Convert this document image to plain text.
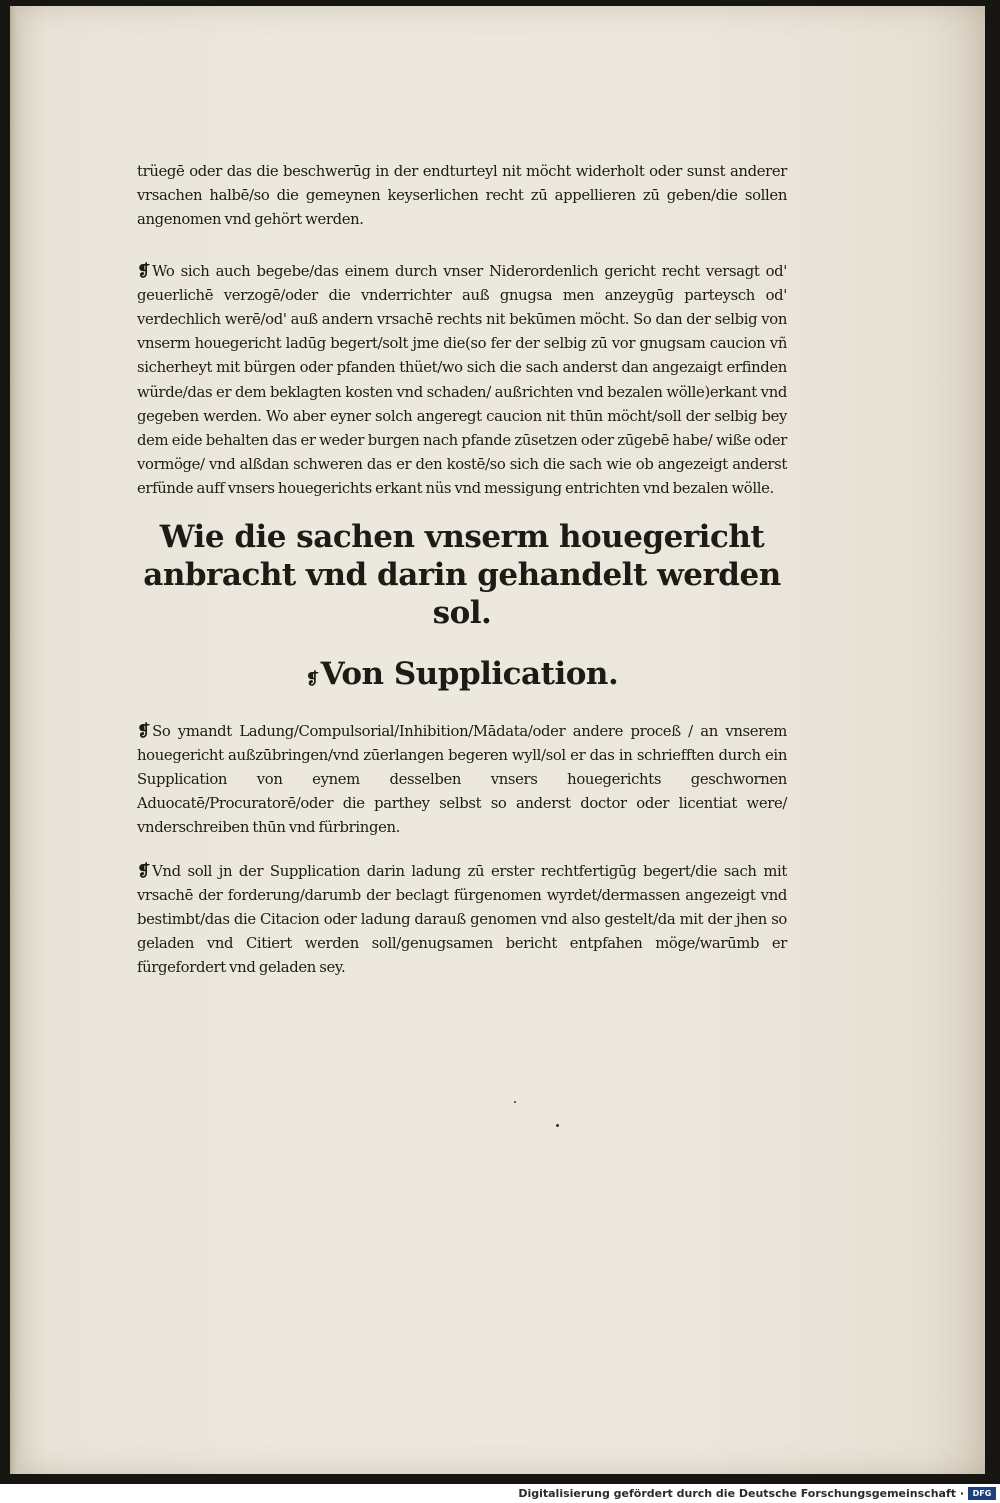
trüegē oder das die beschwerūg in der endturteyl nit möcht widerholt oder sunst anderer vrsachen halbē/so die gemeynen keyserlichen recht zū appellieren zū geben/die sollen angenomen vnd gehört werden.

❡ Wo sich auch begebe/das einem durch vnser Niderordenlich gericht recht versagt od' geuerlichē verzogē/oder die vnderrichter auß gnugsa men anzeygūg parteysch od' verdechlich werē/od' auß andern vrsachē rechts nit bekūmen möcht. So dan der selbig von vnserm houegericht ladūg begert/solt jme die(so fer der selbig zū vor gnugsam caucion vñ sicherheyt mit bürgen oder pfanden thüet/wo sich die sach anderst dan angezaigt erfinden würde/das er dem beklagten kosten vnd schaden/ außrichten vnd bezalen wölle)erkant vnd gegeben werden. Wo aber eyner solch angeregt caucion nit thūn möcht/soll der selbig bey dem eide behalten das er weder burgen nach pfande zūsetzen oder zūgebē habe/ wiße oder vormöge/ vnd alßdan schweren das er den kostē/so sich die sach wie ob angezeigt anderst erfünde auff vnsers houegerichts erkant nüs vnd messigung entrichten vnd bezalen wölle.

Wie die sachen vnserm houegericht anbracht vnd darin gehandelt werden sol.
❡Von Supplication.

❡ So ymandt Ladung/Compulsorial/Inhibition/Mādata/oder andere proceß / an vnserem houegericht außzūbringen/vnd zūerlangen begeren wyll/sol er das in schriefften durch ein Supplication von eynem desselben vnsers houegerichts geschwornen Aduocatē/Procuratorē/oder die parthey selbst so anderst doctor oder licentiat were/ vnderschreiben thūn vnd fürbringen.

❡ Vnd soll jn der Supplication darin ladung zū erster rechtfertigūg begert/die sach mit vrsachē der forderung/darumb der beclagt fürgenomen wyrdet/dermassen angezeigt vnd bestimbt/das die Citacion oder ladung darauß genomen vnd also gestelt/da mit der jhen so geladen vnd Citiert werden soll/genugsamen bericht entpfahen möge/warūmb er fürgefordert vnd geladen sey.

Digitalisierung gefördert durch die Deutsche Forschungsgemeinschaft ·	DFG
